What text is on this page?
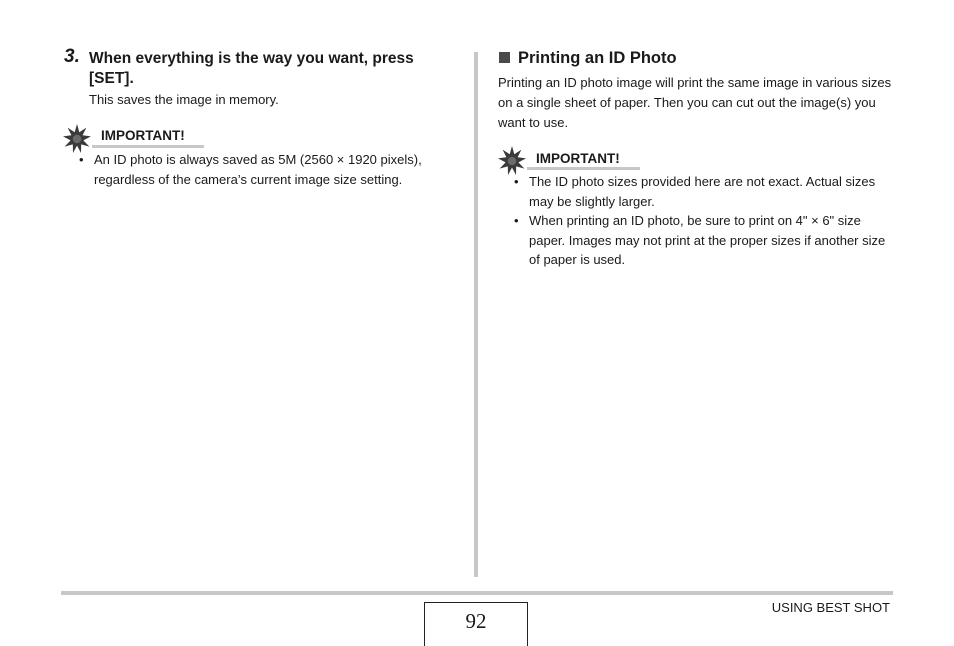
3. When everything is the way you want, press [SET].
This saves the image in memory.
IMPORTANT!
• An ID photo is always saved as 5M (2560 × 1920 pixels), regardless of the camera’s current image size setting.
Printing an ID Photo
Printing an ID photo image will print the same image in various sizes on a single sheet of paper. Then you can cut out the image(s) you want to use.
IMPORTANT!
• The ID photo sizes provided here are not exact. Actual sizes may be slightly larger.
• When printing an ID photo, be sure to print on 4" × 6" size paper. Images may not print at the proper sizes if another size of paper is used.
92
USING BEST SHOT
